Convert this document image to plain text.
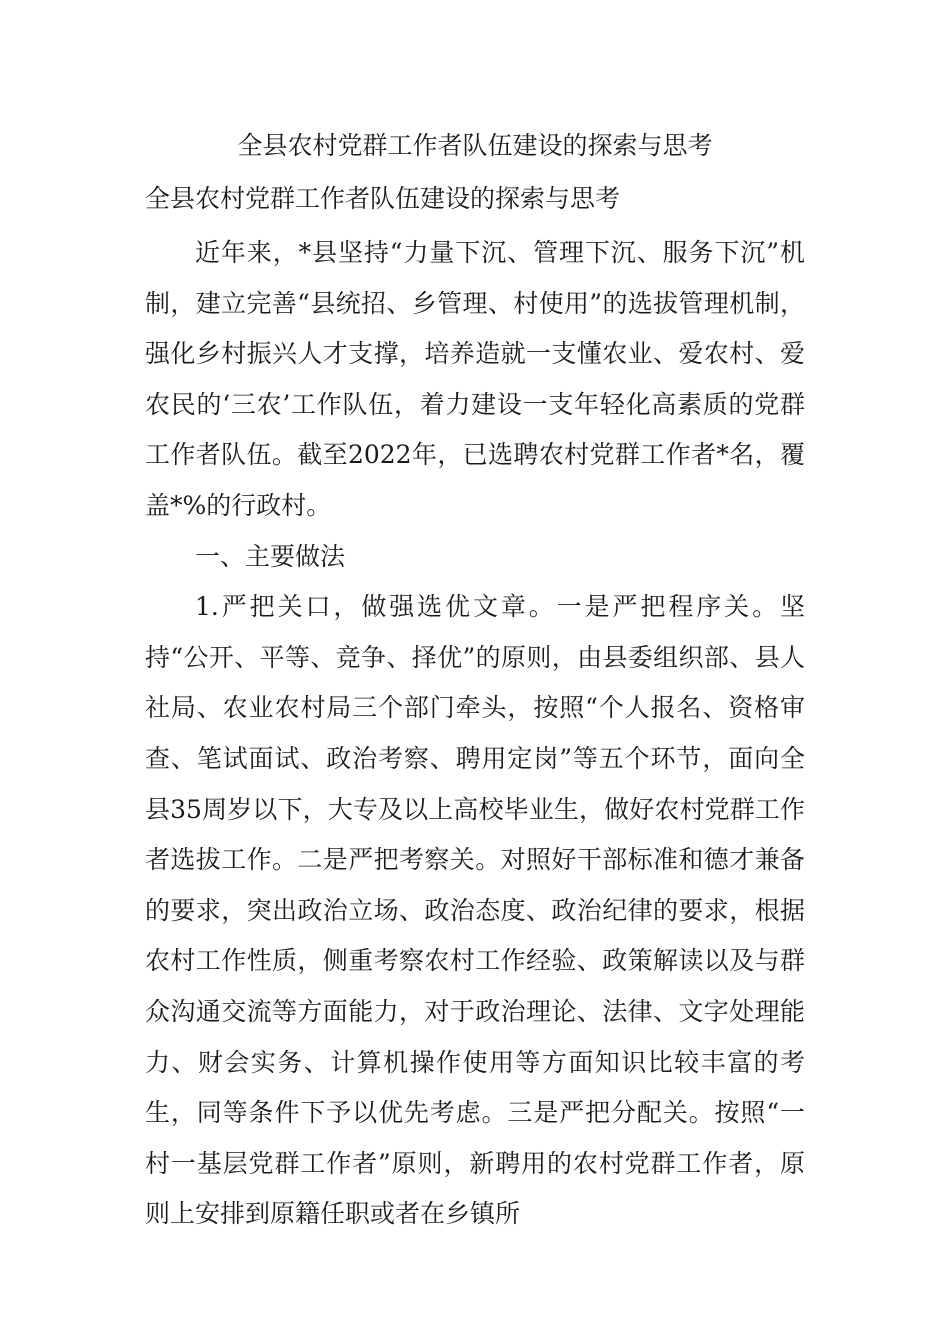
全县农村党群工作者队伍建设的探索与思考
全县农村党群工作者队伍建设的探索与思考

近年来，*县坚持“力量下沉、管理下沉、服务下沉”机制，建立完善“县统招、乡管理、村使用”的选拔管理机制，强化乡村振兴人才支撑，培养造就一支懂农业、爱农村、爱农民的‘三农’工作队伍，着力建设一支年轻化高素质的党群工作者队伍。截至2022年，已选聘农村党群工作者*名，覆盖*%的行政村。

一、主要做法

1.严把关口，做强选优文章。一是严把程序关。坚持“公开、平等、竞争、择优”的原则，由县委组织部、县人社局、农业农村局三个部门牵头，按照“个人报名、资格审查、笔试面试、政治考察、聘用定岗”等五个环节，面向全县35周岁以下，大专及以上高校毕业生，做好农村党群工作者选拔工作。二是严把考察关。对照好干部标准和德才兼备的要求，突出政治立场、政治态度、政治纪律的要求，根据农村工作性质，侧重考察农村工作经验、政策解读以及与群众沟通交流等方面能力，对于政治理论、法律、文字处理能力、财会实务、计算机操作使用等方面知识比较丰富的考生，同等条件下予以优先考虑。三是严把分配关。按照“一村一基层党群工作者”原则，新聘用的农村党群工作者，原则上安排到原籍任职或者在乡镇所
